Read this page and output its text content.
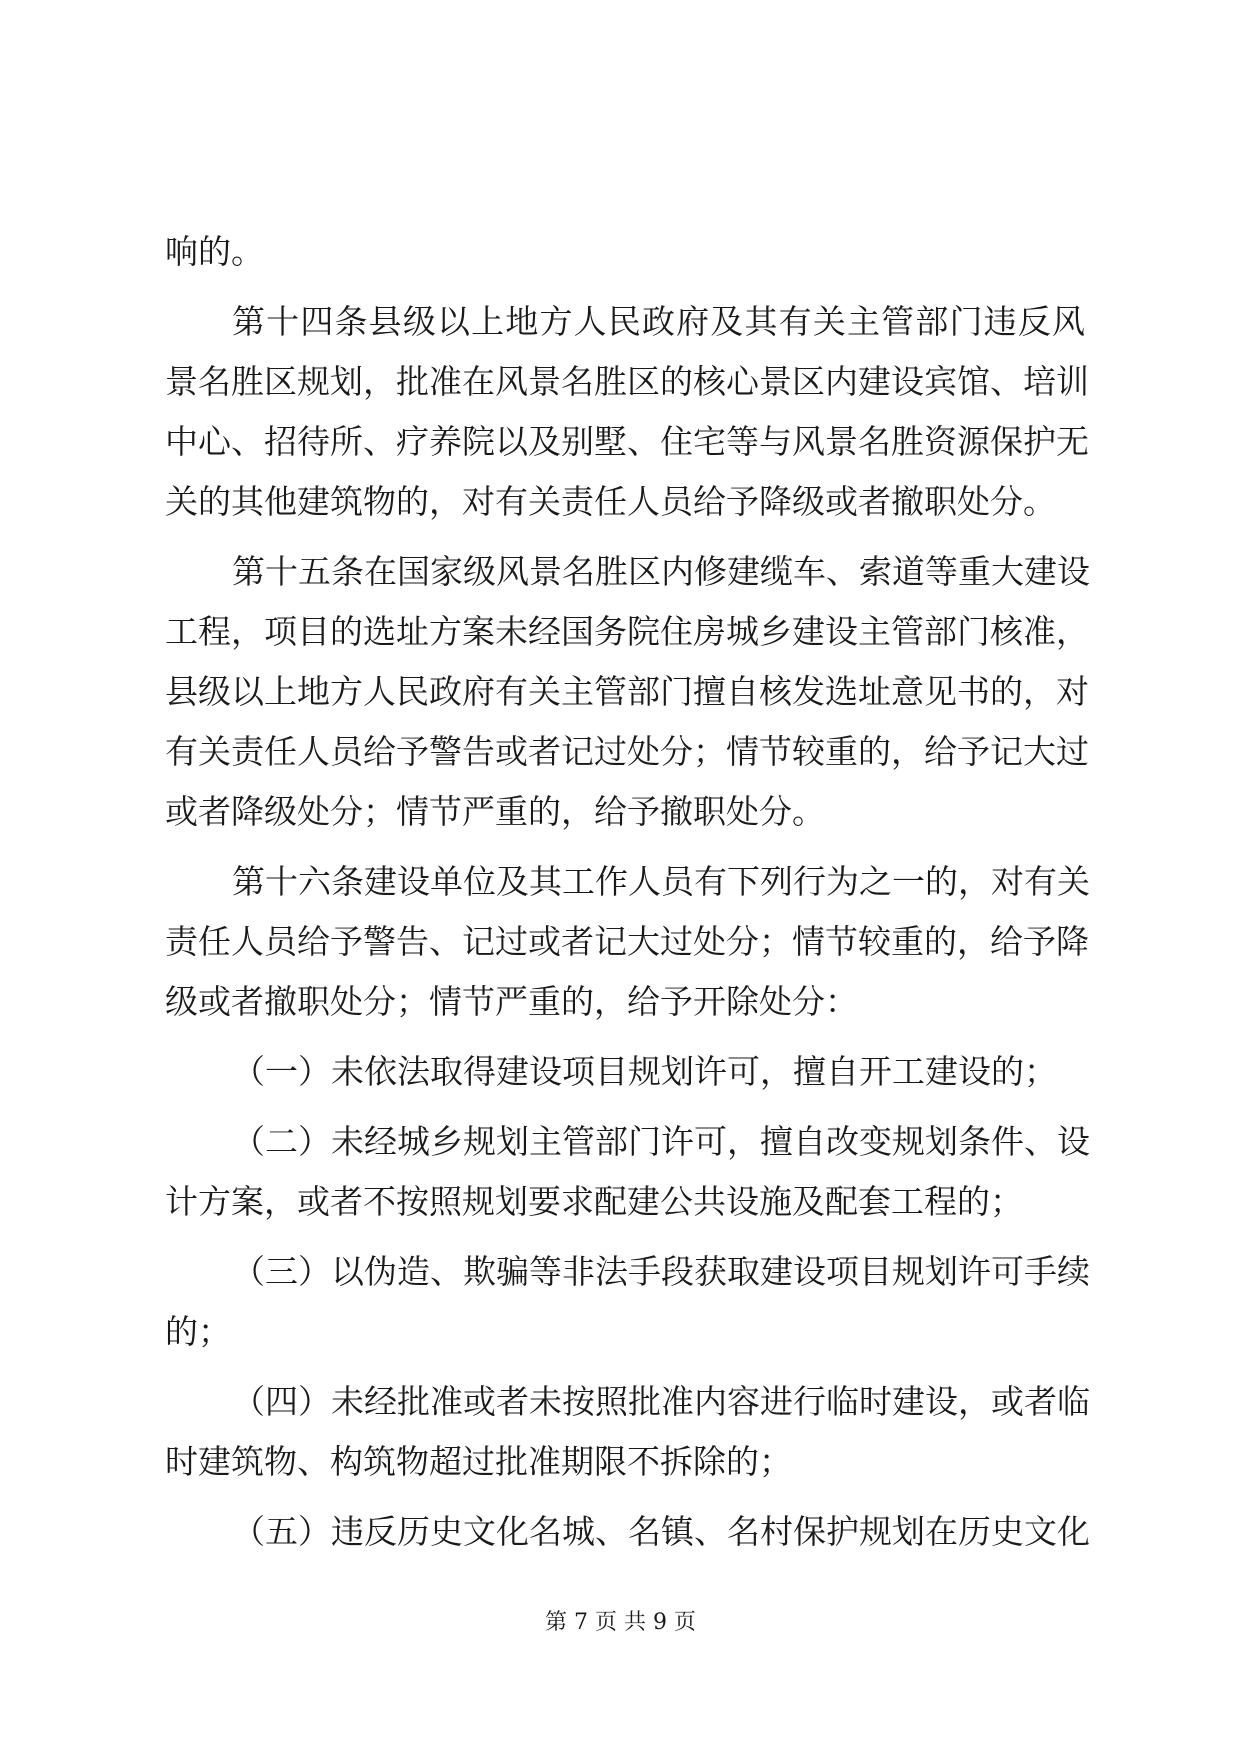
响的。
第十四条县级以上地方人民政府及其有关主管部门违反风
景名胜区规划，批准在风景名胜区的核心景区内建设宾馆、培训
中心、招待所、疗养院以及别墅、住宅等与风景名胜资源保护无
关的其他建筑物的，对有关责任人员给予降级或者撤职处分。
第十五条在国家级风景名胜区内修建缆车、索道等重大建设
工程，项目的选址方案未经国务院住房城乡建设主管部门核准，
县级以上地方人民政府有关主管部门擅自核发选址意见书的，对
有关责任人员给予警告或者记过处分；情节较重的，给予记大过
或者降级处分；情节严重的，给予撤职处分。
第十六条建设单位及其工作人员有下列行为之一的，对有关
责任人员给予警告、记过或者记大过处分；情节较重的，给予降
级或者撤职处分；情节严重的，给予开除处分：
（一）未依法取得建设项目规划许可，擅自开工建设的；
（二）未经城乡规划主管部门许可，擅自改变规划条件、设
计方案，或者不按照规划要求配建公共设施及配套工程的；
（三）以伪造、欺骗等非法手段获取建设项目规划许可手续
的；
（四）未经批准或者未按照批准内容进行临时建设，或者临
时建筑物、构筑物超过批准期限不拆除的；
（五）违反历史文化名城、名镇、名村保护规划在历史文化
第 7 页 共 9 页
